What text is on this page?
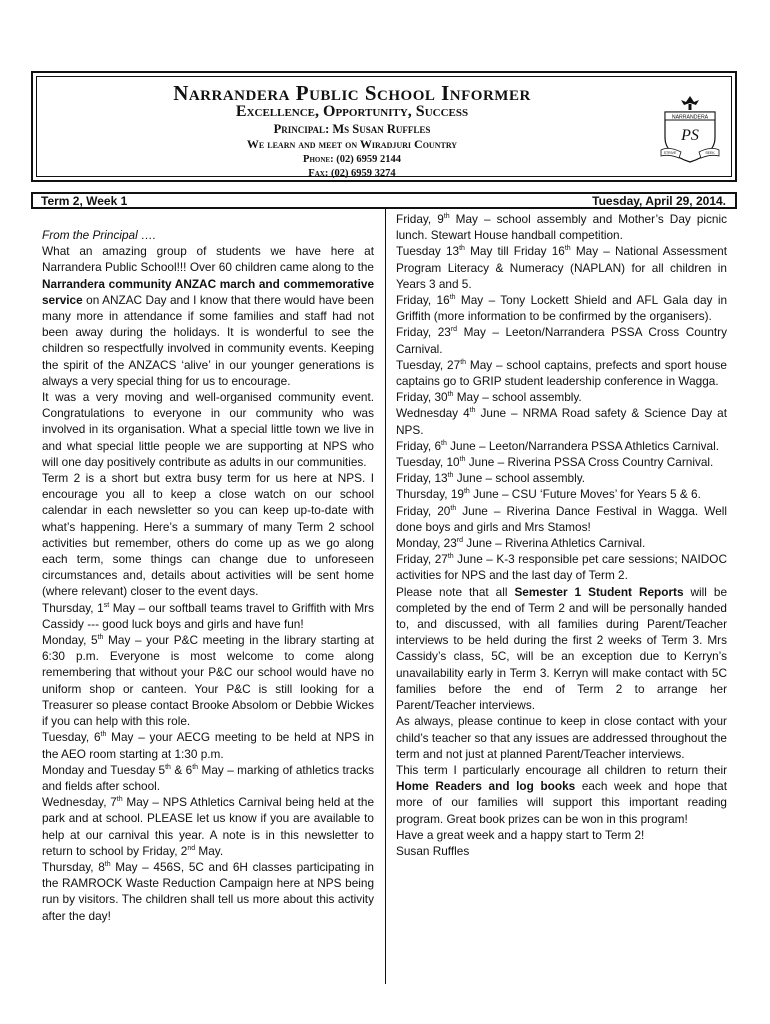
Narrandera Public School Informer
Excellence, Opportunity, Success
Principal: Ms Susan Ruffles
We learn and meet on Wiradjuri Country
Phone: (02) 6959 2144
Fax: (02) 6959 3274
NARRANDERA
PS
STRIVE	SEEK
Term 2, Week 1	Tuesday, April 29, 2014.

From the Principal ….

What an amazing group of students we have here at Narrandera Public School!!! Over 60 children came along to the Narrandera community ANZAC march and commemorative service on ANZAC Day and I know that there would have been many more in attendance if some families and staff had not been away during the holidays. It is wonderful to see the children so respectfully involved in community events. Keeping the spirit of the ANZACS ‘alive’ in our younger generations is always a very special thing for us to encourage.

It was a very moving and well-organised community event. Congratulations to everyone in our community who was involved in its organisation. What a special little town we live in and what special little people we are supporting at NPS who will one day positively contribute as adults in our communities.

Term 2 is a short but extra busy term for us here at NPS. I encourage you all to keep a close watch on our school calendar in each newsletter so you can keep up-to-date with what’s happening. Here’s a summary of many Term 2 school activities but remember, others do come up as we go along each term, some things can change due to unforeseen circumstances and, details about activities will be sent home (where relevant) closer to the event days.

Thursday, 1st May – our softball teams travel to Griffith with Mrs Cassidy --- good luck boys and girls and have fun!

Monday, 5th May – your P&C meeting in the library starting at 6:30 p.m. Everyone is most welcome to come along remembering that without your P&C our school would have no uniform shop or canteen. Your P&C is still looking for a Treasurer so please contact Brooke Absolom or Debbie Wickes if you can help with this role.

Tuesday, 6th May – your AECG meeting to be held at NPS in the AEO room starting at 1:30 p.m.

Monday and Tuesday 5th & 6th May – marking of athletics tracks and fields after school.

Wednesday, 7th May – NPS Athletics Carnival being held at the park and at school. PLEASE let us know if you are available to help at our carnival this year. A note is in this newsletter to return to school by Friday, 2nd May.

Thursday, 8th May – 456S, 5C and 6H classes participating in the RAMROCK Waste Reduction Campaign here at NPS being run by visitors. The children shall tell us more about this activity after the day!

Friday, 9th May – school assembly and Mother’s Day picnic lunch. Stewart House handball competition.

Tuesday 13th May till Friday 16th May – National Assessment Program Literacy & Numeracy (NAPLAN) for all children in Years 3 and 5.

Friday, 16th May – Tony Lockett Shield and AFL Gala day in Griffith (more information to be confirmed by the organisers).

Friday, 23rd May – Leeton/Narrandera PSSA Cross Country Carnival.

Tuesday, 27th May – school captains, prefects and sport house captains go to GRIP student leadership conference in Wagga.

Friday, 30th May – school assembly.

Wednesday 4th June – NRMA Road safety & Science Day at NPS.

Friday, 6th June – Leeton/Narrandera PSSA Athletics Carnival.

Tuesday, 10th June – Riverina PSSA Cross Country Carnival.

Friday, 13th June – school assembly.

Thursday, 19th June – CSU ‘Future Moves’ for Years 5 & 6.

Friday, 20th June – Riverina Dance Festival in Wagga. Well done boys and girls and Mrs Stamos!

Monday, 23rd June – Riverina Athletics Carnival.

Friday, 27th June – K-3 responsible pet care sessions; NAIDOC activities for NPS and the last day of Term 2.

Please note that all Semester 1 Student Reports will be completed by the end of Term 2 and will be personally handed to, and discussed, with all families during Parent/Teacher interviews to be held during the first 2 weeks of Term 3. Mrs Cassidy’s class, 5C, will be an exception due to Kerryn’s unavailability early in Term 3. Kerryn will make contact with 5C families before the end of Term 2 to arrange her Parent/Teacher interviews.

As always, please continue to keep in close contact with your child’s teacher so that any issues are addressed throughout the term and not just at planned Parent/Teacher interviews.

This term I particularly encourage all children to return their Home Readers and log books each week and hope that more of our families will support this important reading program. Great book prizes can be won in this program!

Have a great week and a happy start to Term 2!

Susan Ruffles
